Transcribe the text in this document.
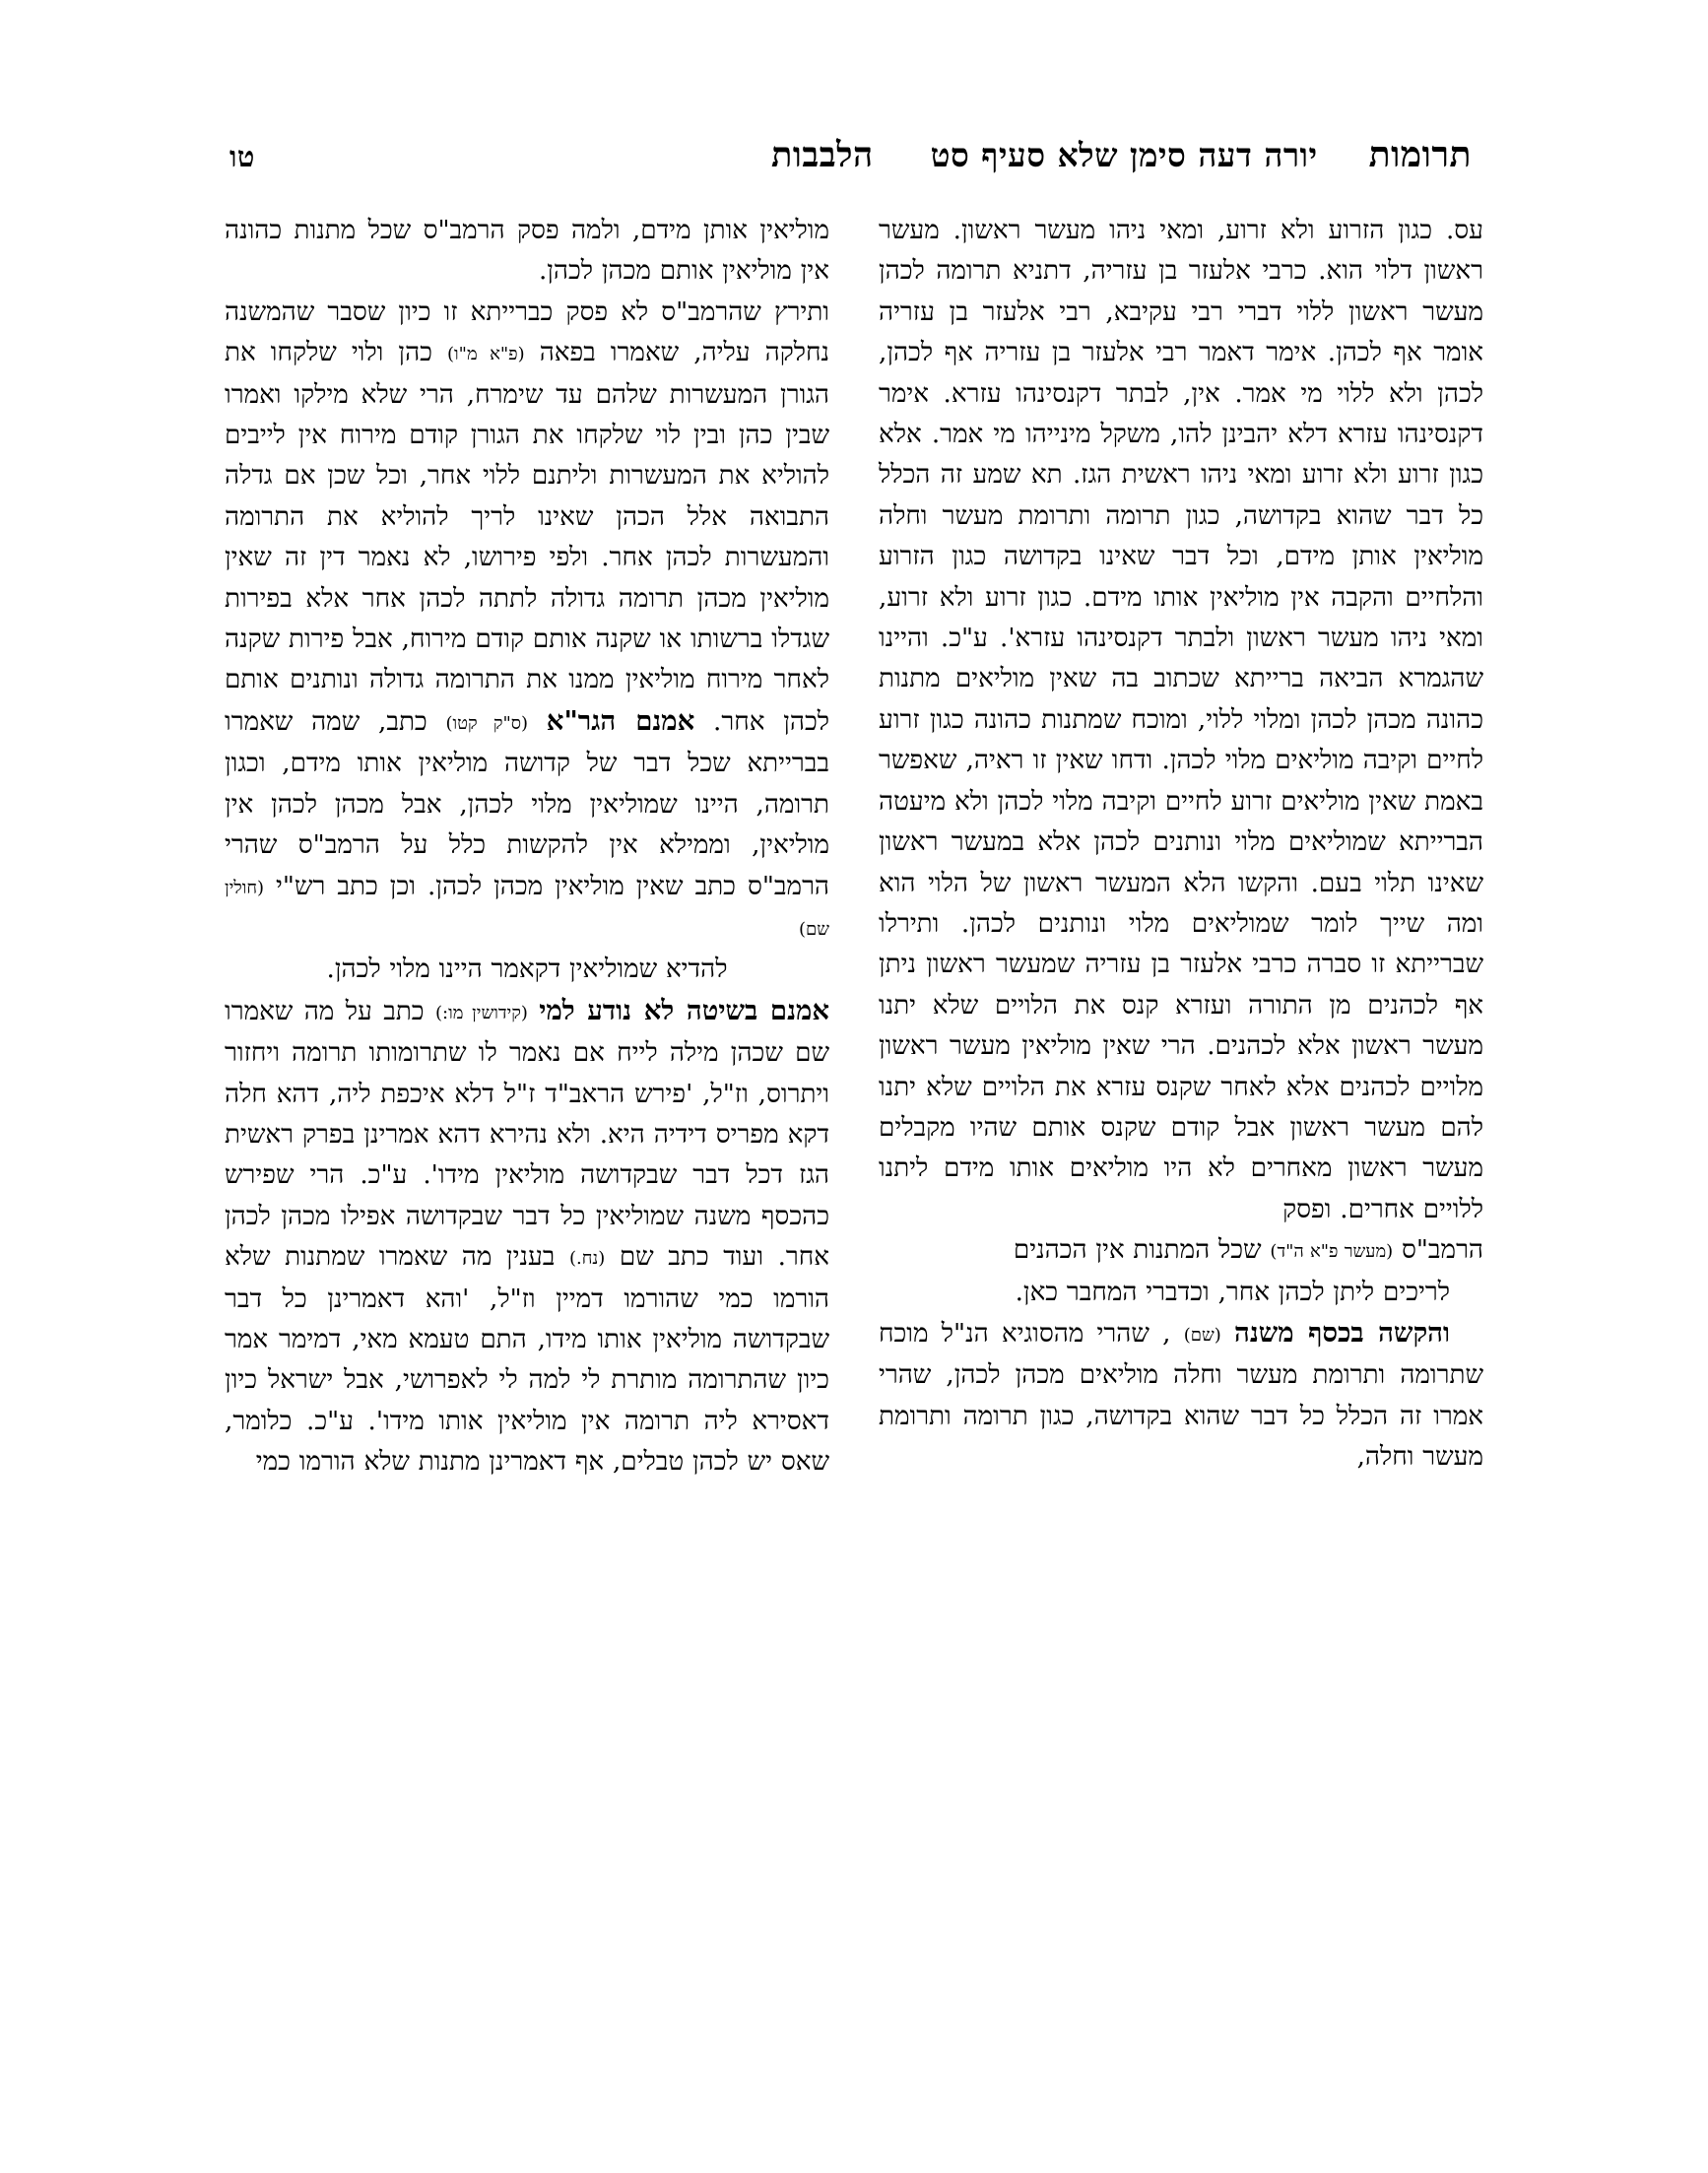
תרומות
יורה דעה סימן שלא סעיף סט
הלבבות
טו

עס. כגון הזרוע ולא זרוע, ומאי ניהו מעשר ראשון. מעשר ראשון דלוי הוא. כרבי אלעזר בן עזריה, דתניא תרומה לכהן מעשר ראשון ללוי דברי רבי עקיבא, רבי אלעזר בן עזריה אומר אף לכהן. אימר דאמר רבי אלעזר בן עזריה אף לכהן, לכהן ולא ללוי מי אמר. אין, לבתר דקנסינהו עזרא. אימר דקנסינהו עזרא דלא יהבינן להו, משקל מינייהו מי אמר. אלא כגון זרוע ולא זרוע ומאי ניהו ראשית הגז. תא שמע זה הכלל כל דבר שהוא בקדושה, כגון תרומה ותרומת מעשר וחלה מוליאין אותן מידם, וכל דבר שאינו בקדושה כגון הזרוע והלחיים והקבה אין מוליאין אותו מידם. כגון זרוע ולא זרוע, ומאי ניהו מעשר ראשון ולבתר דקנסינהו עזרא'. ע"כ. והיינו שהגמרא הביאה ברייתא שכתוב בה שאין מוליאים מתנות כהונה מכהן לכהן ומלוי ללוי, ומוכח שמתנות כהונה כגון זרוע לחיים וקיבה מוליאים מלוי לכהן. ודחו שאין זו ראיה, שאפשר באמת שאין מוליאים זרוע לחיים וקיבה מלוי לכהן ולא מיעטה הברייתא שמוליאים מלוי ונותנים לכהן אלא במעשר ראשון שאינו תלוי בעם. והקשו הלא המעשר ראשון של הלוי הוא ומה שייך לומר שמוליאים מלוי ונותנים לכהן. ותירלו שברייתא זו סברה כרבי אלעזר בן עזריה שמעשר ראשון ניתן אף לכהנים מן התורה ועזרא קנס את הלויים שלא יתנו מעשר ראשון אלא לכהנים. הרי שאין מוליאין מעשר ראשון מלויים לכהנים אלא לאחר שקנס עזרא את הלויים שלא יתנו להם מעשר ראשון אבל קודם שקנס אותם שהיו מקבלים מעשר ראשון מאחרים לא היו מוליאים אותו מידם ליתנו ללויים אחרים. ופסק

הרמב"ס (מעשר פ"א ה"ד) שכל המתנות אין הכהנים

לריכים ליתן לכהן אחר, וכדברי המחבר כאן.

והקשה בכסף משנה (שם) , שהרי מהסוגיא הנ"ל מוכח שתרומה ותרומת מעשר וחלה מוליאים מכהן לכהן, שהרי אמרו זה הכלל כל דבר שהוא בקדושה, כגון תרומה ותרומת מעשר וחלה,

מוליאין אותן מידם, ולמה פסק הרמב"ס שכל מתנות כהונה אין מוליאין אותם מכהן לכהן.

ותירץ שהרמב"ס לא פסק כברייתא זו כיון שסבר שהמשנה נחלקה עליה, שאמרו בפאה (פ"א מ"ו) כהן ולוי שלקחו את הגורן המעשרות שלהם עד שימרח, הרי שלא מילקו ואמרו שבין כהן ובין לוי שלקחו את הגורן קודם מירוח אין לייבים להוליא את המעשרות וליתנם ללוי אחר, וכל שכן אם גדלה התבואה אלל הכהן שאינו לריך להוליא את התרומה והמעשרות לכהן אחר. ולפי פירושו, לא נאמר דין זה שאין מוליאין מכהן תרומה גדולה לתתה לכהן אחר אלא בפירות שגדלו ברשותו או שקנה אותם קודם מירוח, אבל פירות שקנה לאחר מירוח מוליאין ממנו את התרומה גדולה ונותנים אותם לכהן אחר. אמנם הגר"א (ס"ק קטו) כתב, שמה שאמרו בברייתא שכל דבר של קדושה מוליאין אותו מידם, וכגון תרומה, היינו שמוליאין מלוי לכהן, אבל מכהן לכהן אין מוליאין, וממילא אין להקשות כלל על הרמב"ס שהרי הרמב"ס כתב שאין מוליאין מכהן לכהן. וכן כתב רש"י (חולין שם)

להדיא שמוליאין דקאמר היינו מלוי לכהן.

אמנם בשיטה לא נודע למי (קידושין מו:) כתב על מה שאמרו שם שכהן מילה לייח אם נאמר לו שתרומותו תרומה ויחזור ויתרוס, וז"ל, 'פירש הראב"ד ז"ל דלא איכפת ליה, דהא חלה דקא מפריס דידיה היא. ולא נהירא דהא אמרינן בפרק ראשית הגז דכל דבר שבקדושה מוליאין מידו'. ע"כ. הרי שפירש כהכסף משנה שמוליאין כל דבר שבקדושה אפילו מכהן לכהן אחר. ועוד כתב שם (נח.) בענין מה שאמרו שמתנות שלא הורמו כמי שהורמו דמיין וז"ל, 'והא דאמרינן כל דבר שבקדושה מוליאין אותו מידו, התם טעמא מאי, דמימר אמר כיון שהתרומה מותרת לי למה לי לאפרושי, אבל ישראל כיון דאסירא ליה תרומה אין מוליאין אותו מידו'. ע"כ. כלומר, שאס יש לכהן טבלים, אף דאמרינן מתנות שלא הורמו כמי
